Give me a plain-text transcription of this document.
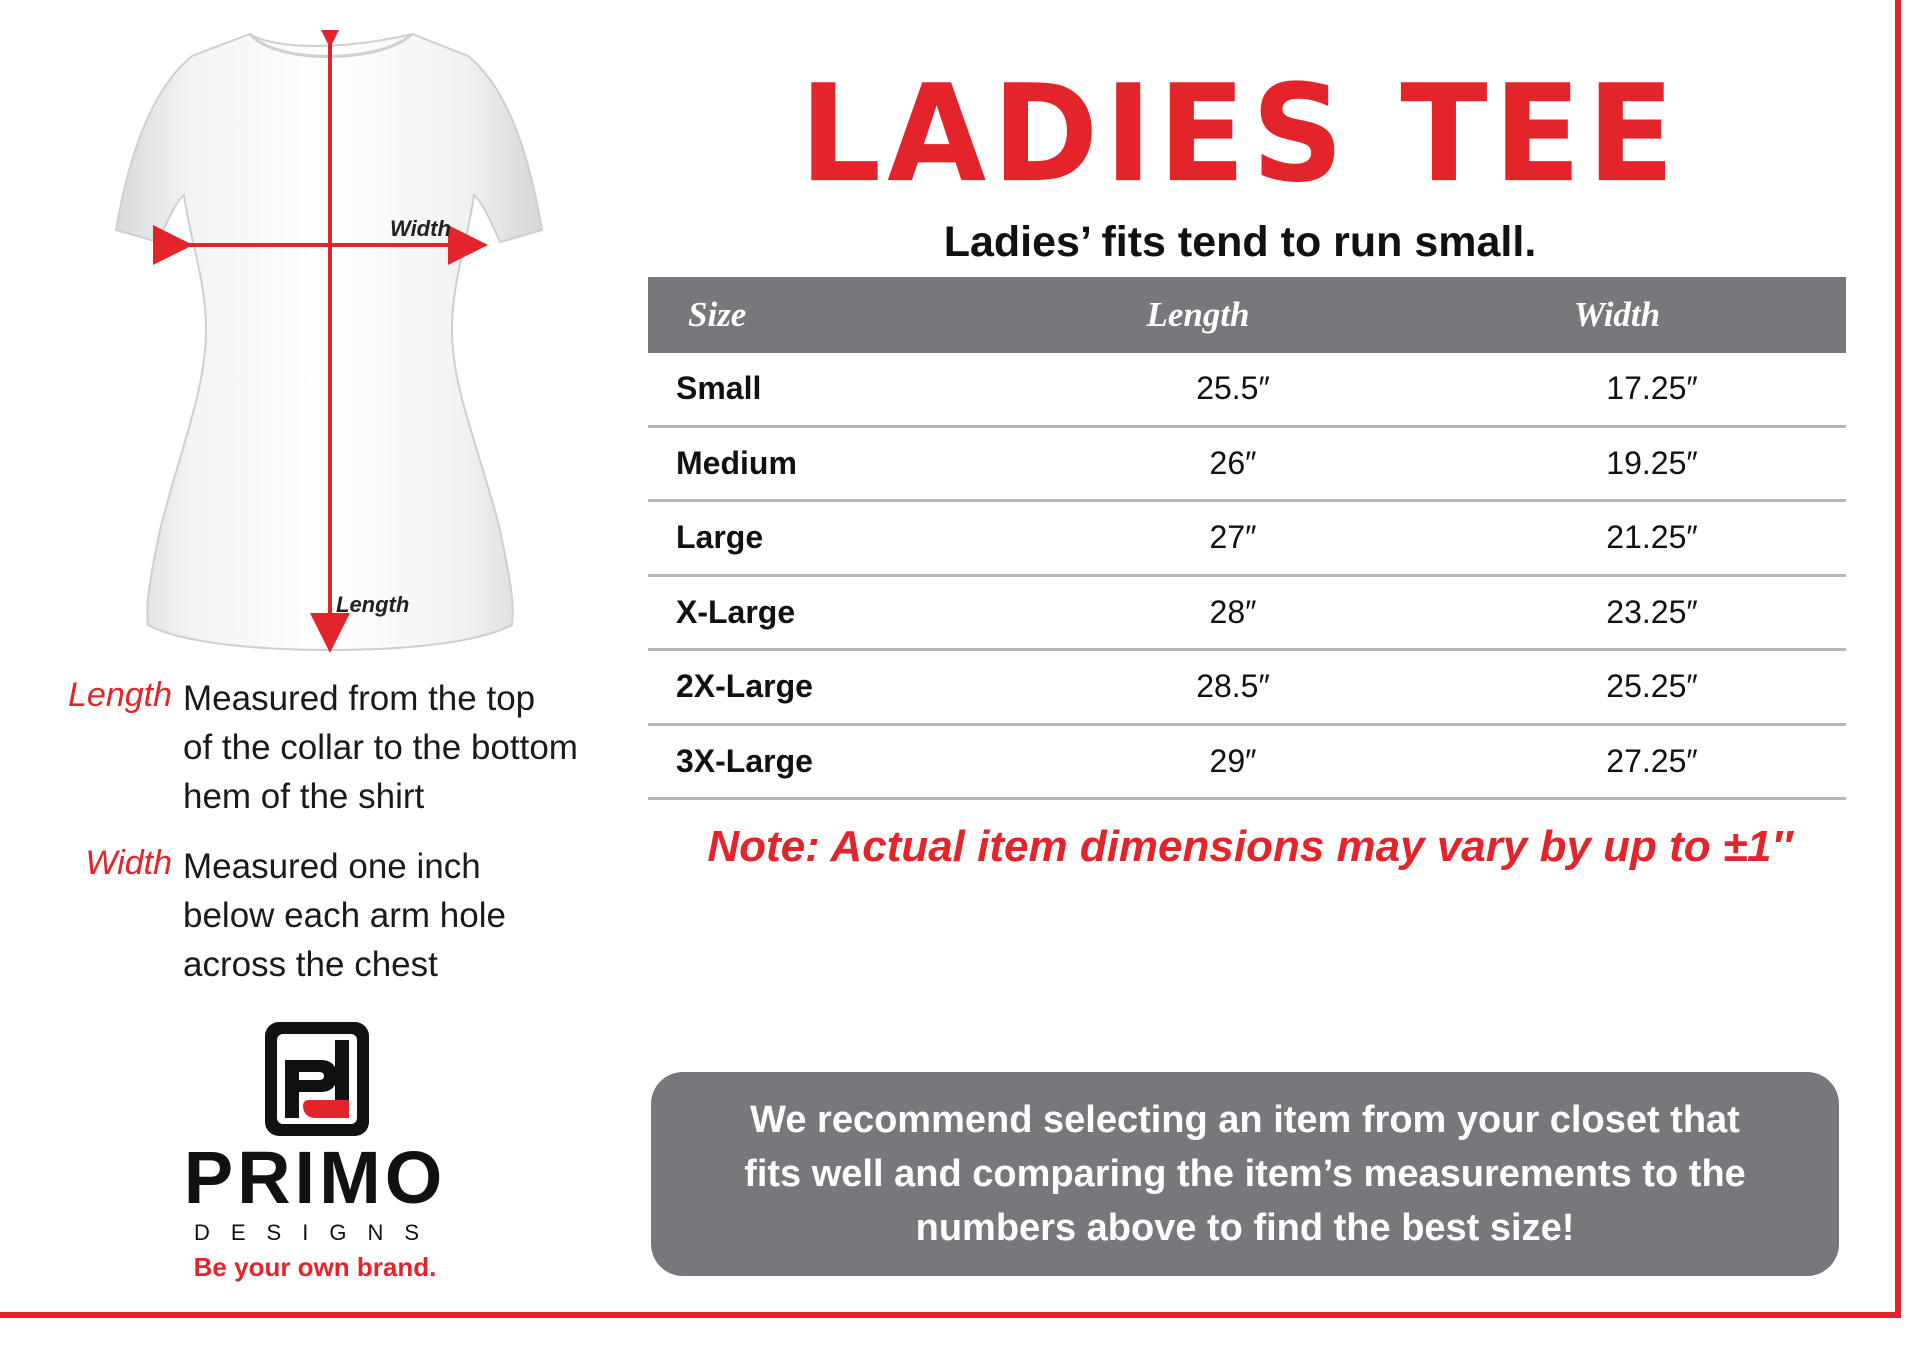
Width
Length
Length Measured from the top
of the collar to the bottom
hem of the shirt
Width Measured one inch
below each arm hole
across the chest
PRIMO
DESIGNS
Be your own brand.
LADIES TEE
Ladies’ fits tend to run small.
Size	Length	Width
Small	25.5″	17.25″
Medium	26″	19.25″
Large	27″	21.25″
X-Large	28″	23.25″
2X-Large	28.5″	25.25″
3X-Large	29″	27.25″
Note: Actual item dimensions may vary by up to ±1″

We recommend selecting an item from your closet that fits well and comparing the item’s measurements to the numbers above to find the best size!
